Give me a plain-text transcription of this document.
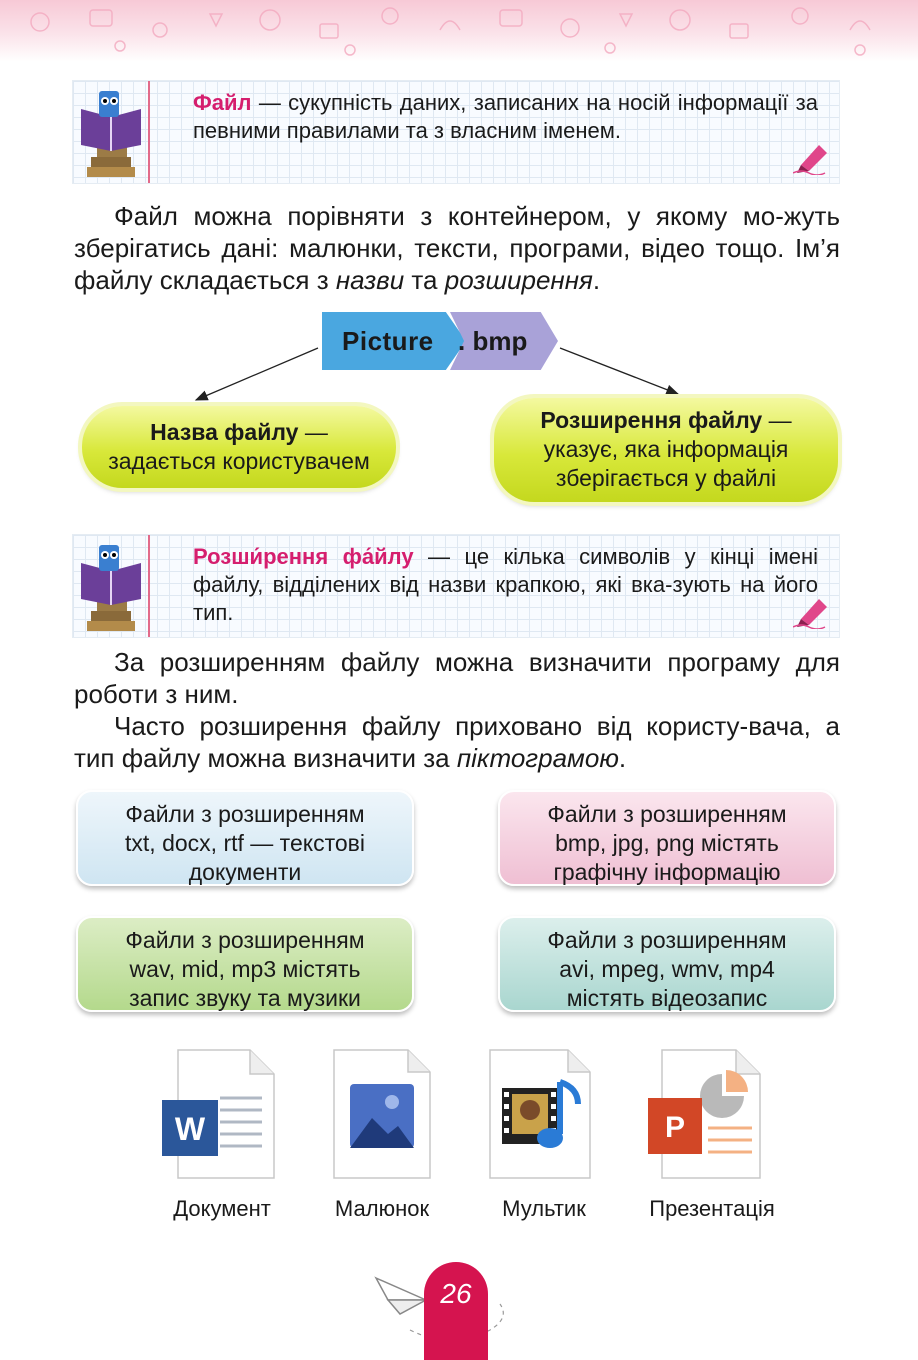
Файл — сукупність даних, записаних на носій інформації за певними правилами та з власним іменем.
Файл можна порівняти з контейнером, у якому мо-жуть зберігатись дані: малюнки, тексти, програми, відео тощо. Ім’я файлу складається з назви та розширення.
Picture . bmp
Назва файлу —
задається користувачем
Розширення файлу —
указує, яка інформація
зберігається у файлі
Розши́рення фа́йлу — це кілька символів у кінці імені файлу, відділених від назви крапкою, які вка-зують на його тип.
За розширенням файлу можна визначити програму для роботи з ним.
Часто розширення файлу приховано від користу-вача, а тип файлу можна визначити за піктограмою.
Файли з розширенням
txt, docx, rtf — текстові
документи
Файли з розширенням
bmp, jpg, png містять
графічну інформацію
Файли з розширенням
wav, mid, mp3 містять
запис звуку та музики
Файли з розширенням
avi, mpeg, wmv, mp4
містять відеозапис
W	P
Документ	Малюнок	Мультик	Презентація
26
